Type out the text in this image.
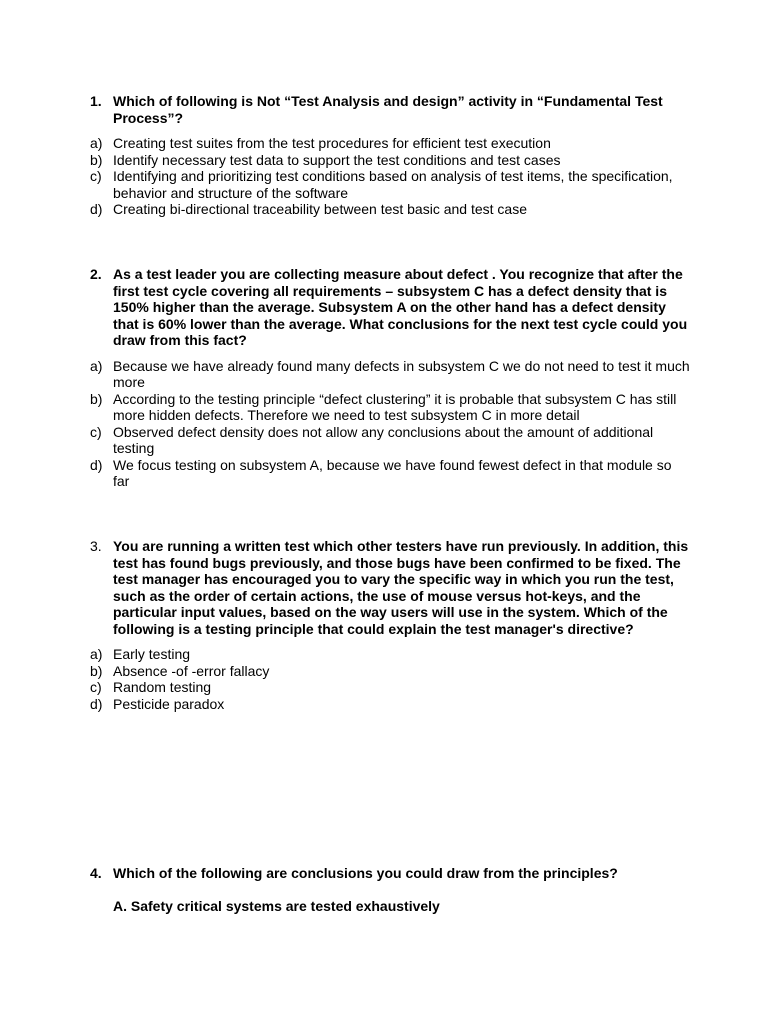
1. Which of following is Not “Test Analysis and design” activity in “Fundamental Test Process”?
a) Creating test suites from the test procedures for efficient test execution
b) Identify necessary test data to support the test conditions and test cases
c) Identifying and prioritizing test conditions based on analysis of test items, the specification, behavior and structure of the software
d) Creating bi-directional traceability between test basic and test case
2. As a test leader you are collecting measure about defect . You recognize that after the first test cycle covering all requirements – subsystem C has a defect density that is 150% higher than the average. Subsystem A on the other hand has a defect density that is 60% lower than the average. What conclusions for the next test cycle could you draw from this fact?
a) Because we have already found many defects in subsystem C we do not need to test it much more
b) According to the testing principle “defect clustering” it is probable that subsystem C has still more hidden defects. Therefore we need to test subsystem C in more detail
c) Observed defect density does not allow any conclusions about the amount of additional testing
d) We focus testing on subsystem A, because we have found fewest defect in that module so far
3. You are running a written test which other testers have run previously. In addition, this test has found bugs previously, and those bugs have been confirmed to be fixed. The test manager has encouraged you to vary the specific way in which you run the test, such as the order of certain actions, the use of mouse versus hot-keys, and the particular input values, based on the way users will use in the system. Which of the following is a testing principle that could explain the test manager's directive?
a) Early testing
b) Absence -of -error fallacy
c) Random testing
d) Pesticide paradox
4. Which of the following are conclusions you could draw from the principles?
A. Safety critical systems are tested exhaustively
